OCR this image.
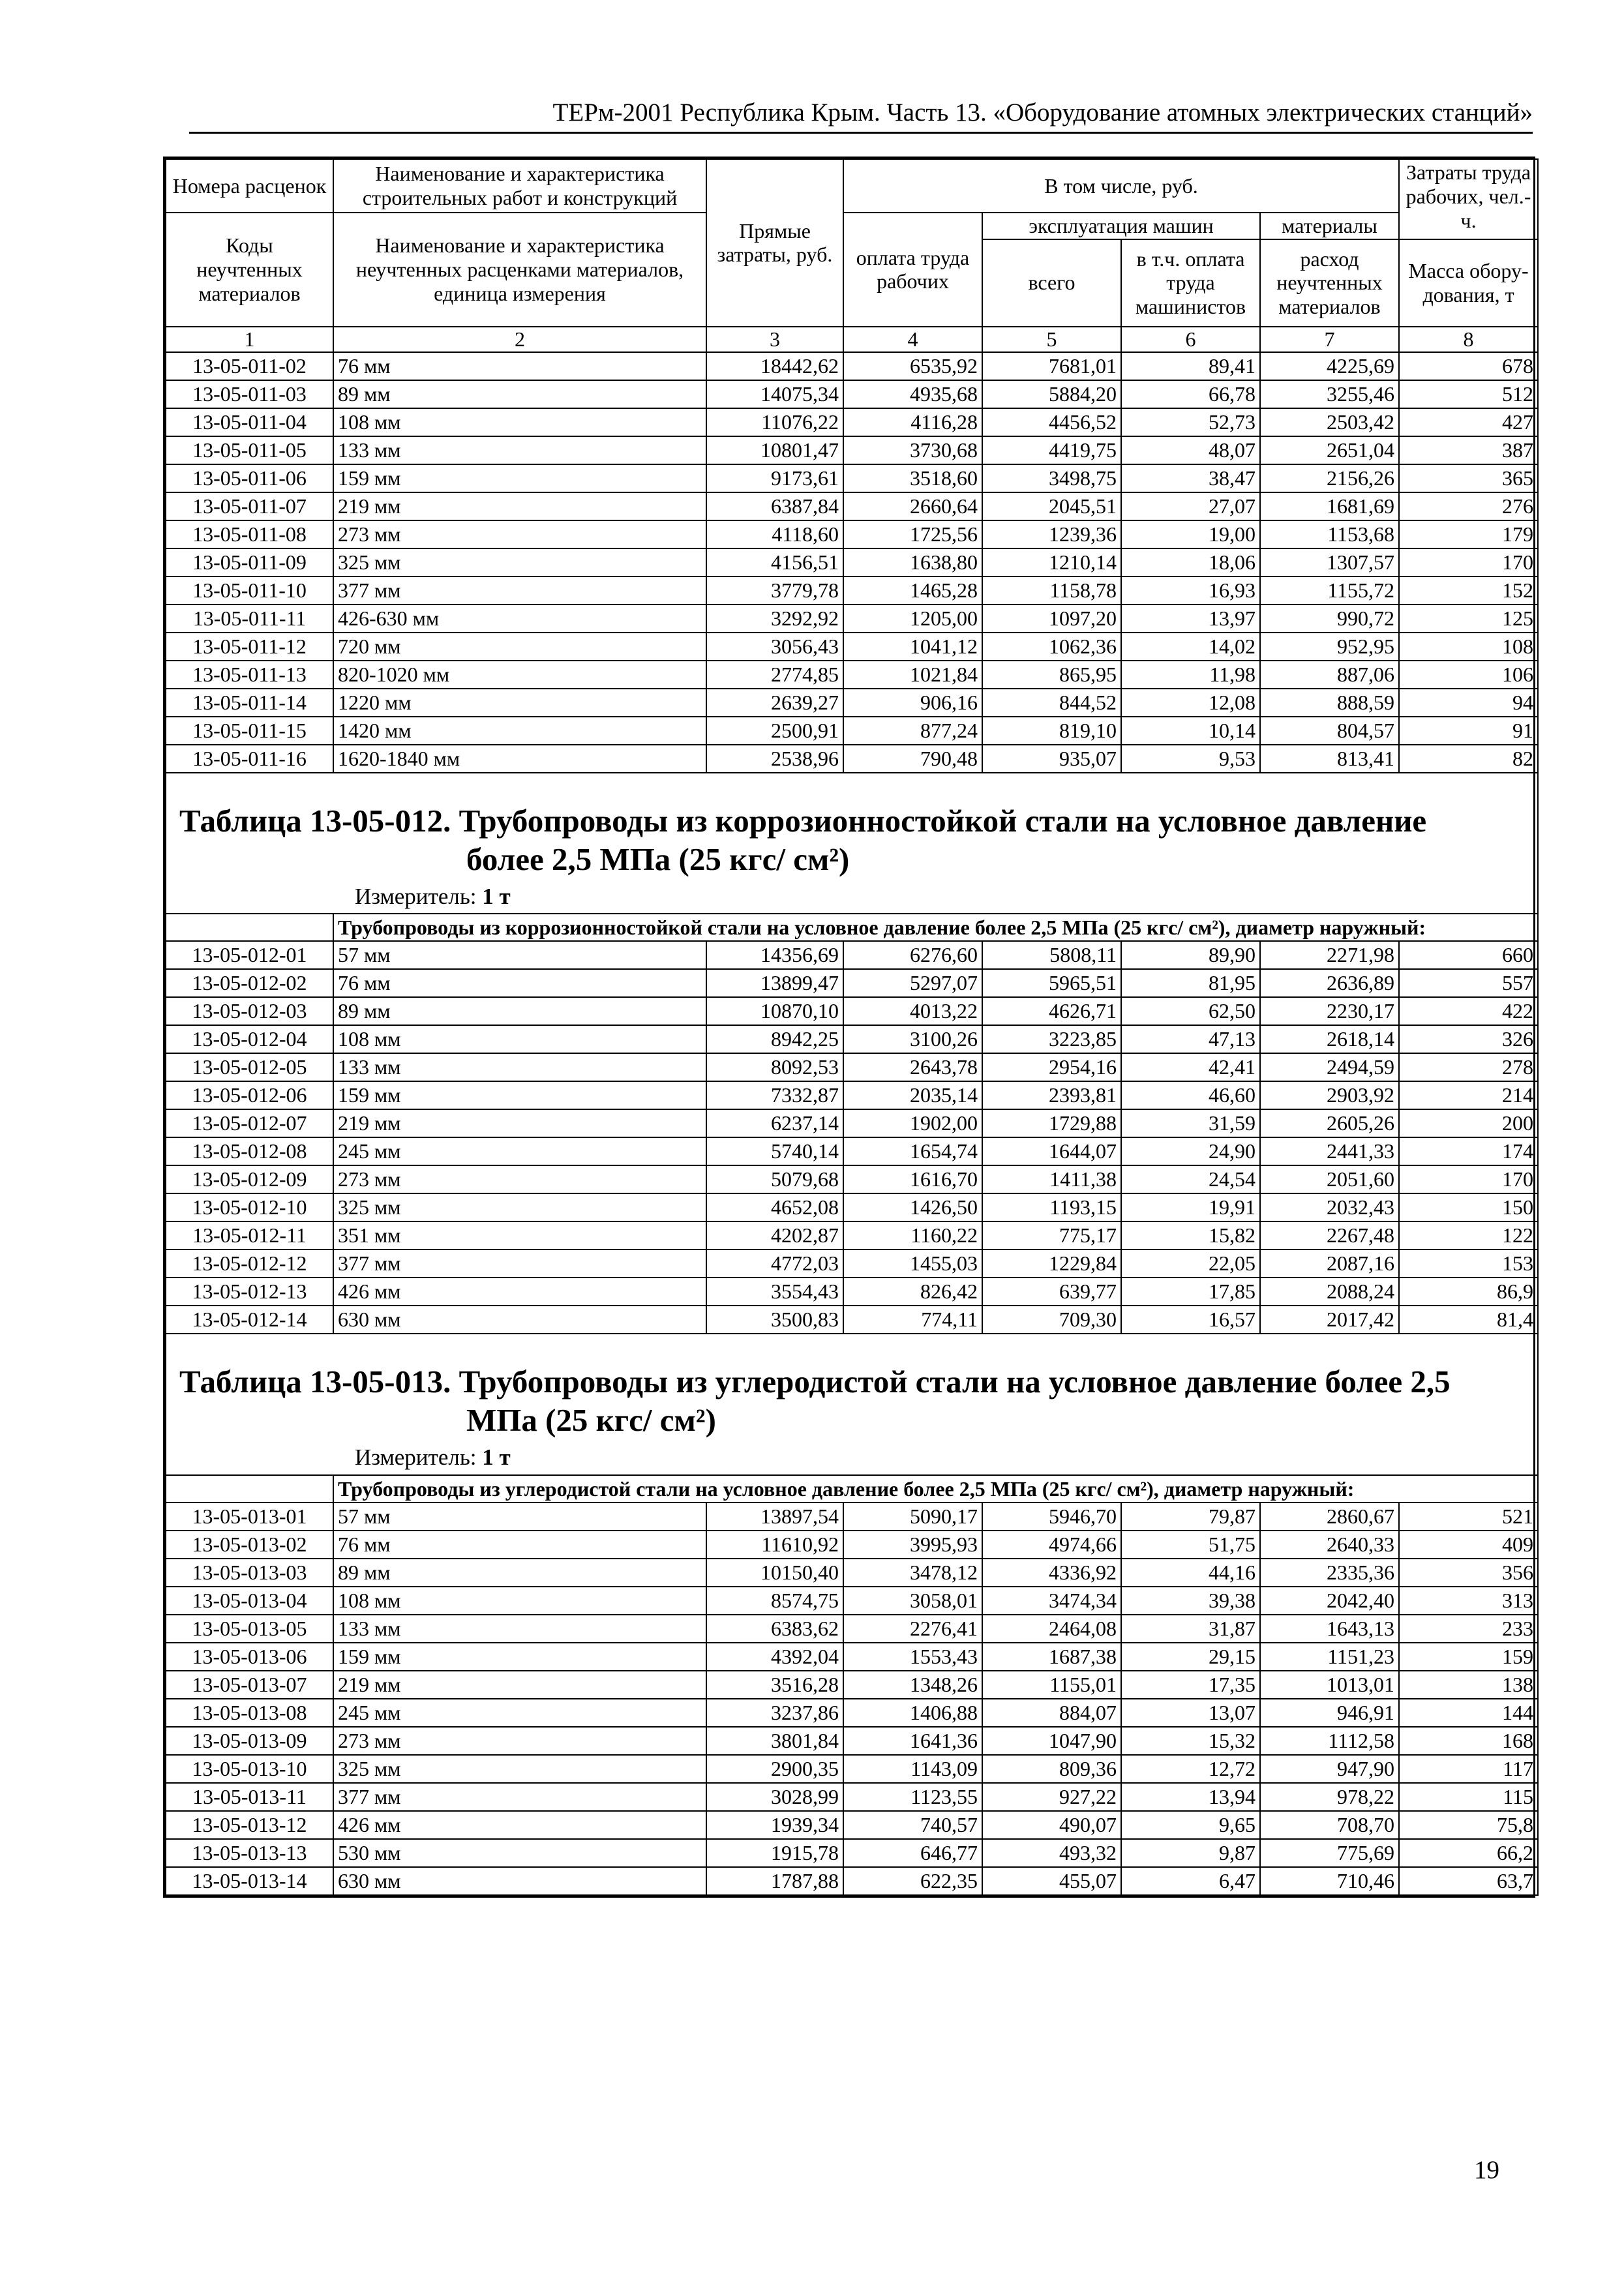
ТЕРм-2001 Республика Крым. Часть 13. «Оборудование атомных электрических станций»
Номера расценок	Наименование и характеристика строительных работ и конструкций	Прямые затраты, руб.	В том числе, руб.				Затраты труда рабочих, чел.-ч.
Коды неучтенных материалов	Наименование и характеристика неучтенных расценками материалов, единица измерения		оплата труда рабочих	эксплуатация машин		материалы	
				всего	в т.ч. оплата труда машинистов	расход неучтенных материалов	Масса обору-дования, т
1	2	3	4	5	6	7	8
13-05-011-02	76 мм	18442,62	6535,92	7681,01	89,41	4225,69	678
13-05-011-03	89 мм	14075,34	4935,68	5884,20	66,78	3255,46	512
13-05-011-04	108 мм	11076,22	4116,28	4456,52	52,73	2503,42	427
13-05-011-05	133 мм	10801,47	3730,68	4419,75	48,07	2651,04	387
13-05-011-06	159 мм	9173,61	3518,60	3498,75	38,47	2156,26	365
13-05-011-07	219 мм	6387,84	2660,64	2045,51	27,07	1681,69	276
13-05-011-08	273 мм	4118,60	1725,56	1239,36	19,00	1153,68	179
13-05-011-09	325 мм	4156,51	1638,80	1210,14	18,06	1307,57	170
13-05-011-10	377 мм	3779,78	1465,28	1158,78	16,93	1155,72	152
13-05-011-11	426-630 мм	3292,92	1205,00	1097,20	13,97	990,72	125
13-05-011-12	720 мм	3056,43	1041,12	1062,36	14,02	952,95	108
13-05-011-13	820-1020 мм	2774,85	1021,84	865,95	11,98	887,06	106
13-05-011-14	1220 мм	2639,27	906,16	844,52	12,08	888,59	94
13-05-011-15	1420 мм	2500,91	877,24	819,10	10,14	804,57	91
13-05-011-16	1620-1840 мм	2538,96	790,48	935,07	9,53	813,41	82
Таблица 13-05-012. Трубопроводы из коррозионностойкой стали на условное давление
более 2,5 МПа (25 кгс/ см²)							

Измеритель: 1 т							
	Трубопроводы из коррозионностойкой стали на условное давление более 2,5 МПа (25 кгс/ см²), диаметр наружный:						
13-05-012-01	57 мм	14356,69	6276,60	5808,11	89,90	2271,98	660
13-05-012-02	76 мм	13899,47	5297,07	5965,51	81,95	2636,89	557
13-05-012-03	89 мм	10870,10	4013,22	4626,71	62,50	2230,17	422
13-05-012-04	108 мм	8942,25	3100,26	3223,85	47,13	2618,14	326
13-05-012-05	133 мм	8092,53	2643,78	2954,16	42,41	2494,59	278
13-05-012-06	159 мм	7332,87	2035,14	2393,81	46,60	2903,92	214
13-05-012-07	219 мм	6237,14	1902,00	1729,88	31,59	2605,26	200
13-05-012-08	245 мм	5740,14	1654,74	1644,07	24,90	2441,33	174
13-05-012-09	273 мм	5079,68	1616,70	1411,38	24,54	2051,60	170
13-05-012-10	325 мм	4652,08	1426,50	1193,15	19,91	2032,43	150
13-05-012-11	351 мм	4202,87	1160,22	775,17	15,82	2267,48	122
13-05-012-12	377 мм	4772,03	1455,03	1229,84	22,05	2087,16	153
13-05-012-13	426 мм	3554,43	826,42	639,77	17,85	2088,24	86,9
13-05-012-14	630 мм	3500,83	774,11	709,30	16,57	2017,42	81,4
Таблица 13-05-013. Трубопроводы из углеродистой стали на условное давление более 2,5
МПа (25 кгс/ см²)							

Измеритель: 1 т							
	Трубопроводы из углеродистой стали на условное давление более 2,5 МПа (25 кгс/ см²), диаметр наружный:						
13-05-013-01	57 мм	13897,54	5090,17	5946,70	79,87	2860,67	521
13-05-013-02	76 мм	11610,92	3995,93	4974,66	51,75	2640,33	409
13-05-013-03	89 мм	10150,40	3478,12	4336,92	44,16	2335,36	356
13-05-013-04	108 мм	8574,75	3058,01	3474,34	39,38	2042,40	313
13-05-013-05	133 мм	6383,62	2276,41	2464,08	31,87	1643,13	233
13-05-013-06	159 мм	4392,04	1553,43	1687,38	29,15	1151,23	159
13-05-013-07	219 мм	3516,28	1348,26	1155,01	17,35	1013,01	138
13-05-013-08	245 мм	3237,86	1406,88	884,07	13,07	946,91	144
13-05-013-09	273 мм	3801,84	1641,36	1047,90	15,32	1112,58	168
13-05-013-10	325 мм	2900,35	1143,09	809,36	12,72	947,90	117
13-05-013-11	377 мм	3028,99	1123,55	927,22	13,94	978,22	115
13-05-013-12	426 мм	1939,34	740,57	490,07	9,65	708,70	75,8
13-05-013-13	530 мм	1915,78	646,77	493,32	9,87	775,69	66,2
13-05-013-14	630 мм	1787,88	622,35	455,07	6,47	710,46	63,7
19
